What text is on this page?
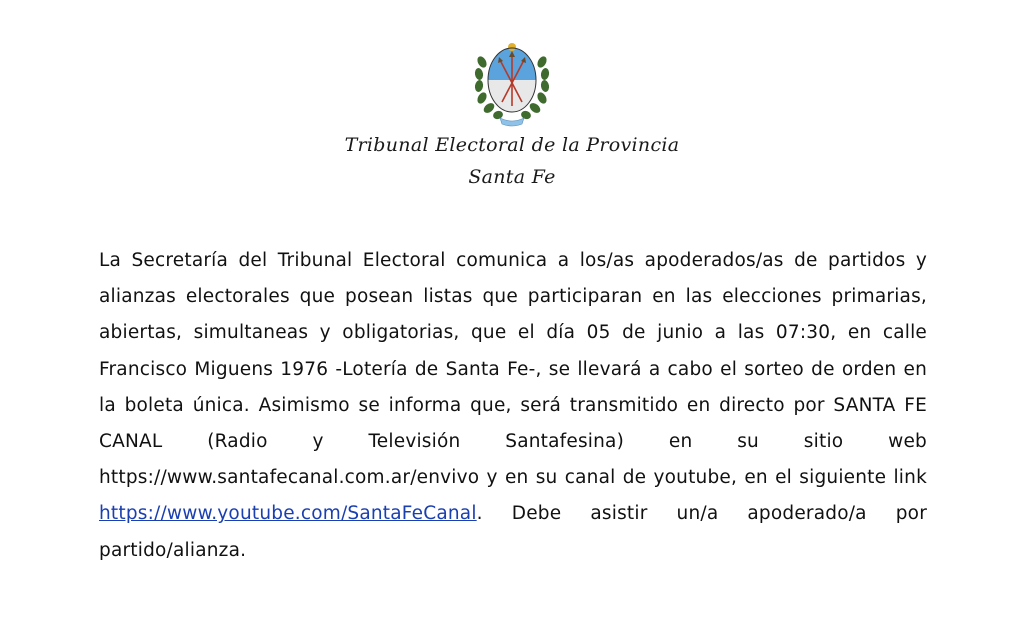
Tribunal Electoral de la Provincia
Santa Fe

La Secretaría del Tribunal Electoral comunica a los/as apoderados/as de partidos y alianzas electorales que posean listas que participaran en las elecciones primarias, abiertas, simultaneas y obligatorias, que el día 05 de junio a las 07:30, en calle Francisco Miguens 1976 -Lotería de Santa Fe-, se llevará a cabo el sorteo de orden en la boleta única. Asimismo se informa que, será transmitido en directo por SANTA FE CANAL (Radio y Televisión Santafesina) en su sitio web https://www.santafecanal.com.ar/envivo y en su canal de youtube, en el siguiente link https://www.youtube.com/SantaFeCanal. Debe asistir un/a apoderado/a por partido/alianza.
